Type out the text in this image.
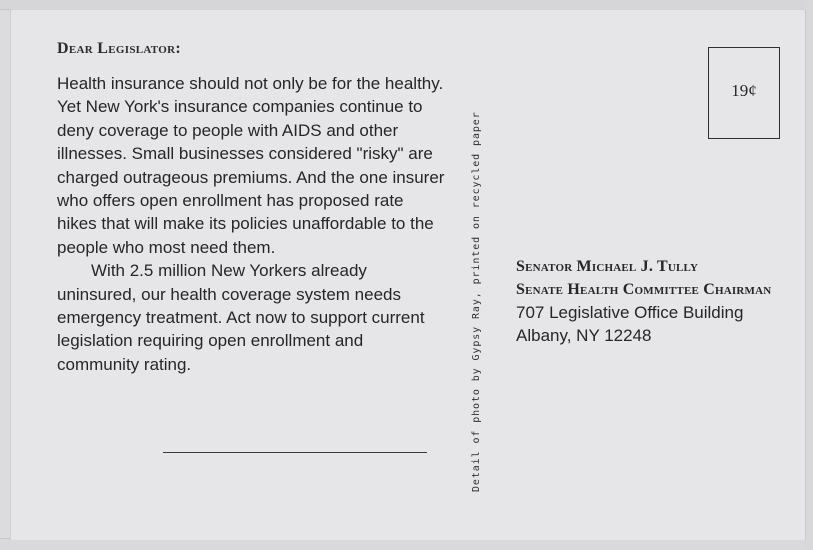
Dear Legislator:

Health insurance should not only be for the healthy. Yet New York's insurance companies continue to deny coverage to people with AIDS and other illnesses. Small businesses considered "risky" are charged outrageous premiums. And the one insurer who offers open enrollment has proposed rate hikes that will make its policies unaffordable to the people who most need them.

With 2.5 million New Yorkers already uninsured, our health coverage system needs emergency treatment. Act now to support current legislation requiring open enrollment and community rating.	Detail of photo by Gypsy Ray, printed on recycled paper
19¢
Senator Michael J. Tully
Senate Health Committee Chairman
707 Legislative Office Building
Albany, NY 12248
